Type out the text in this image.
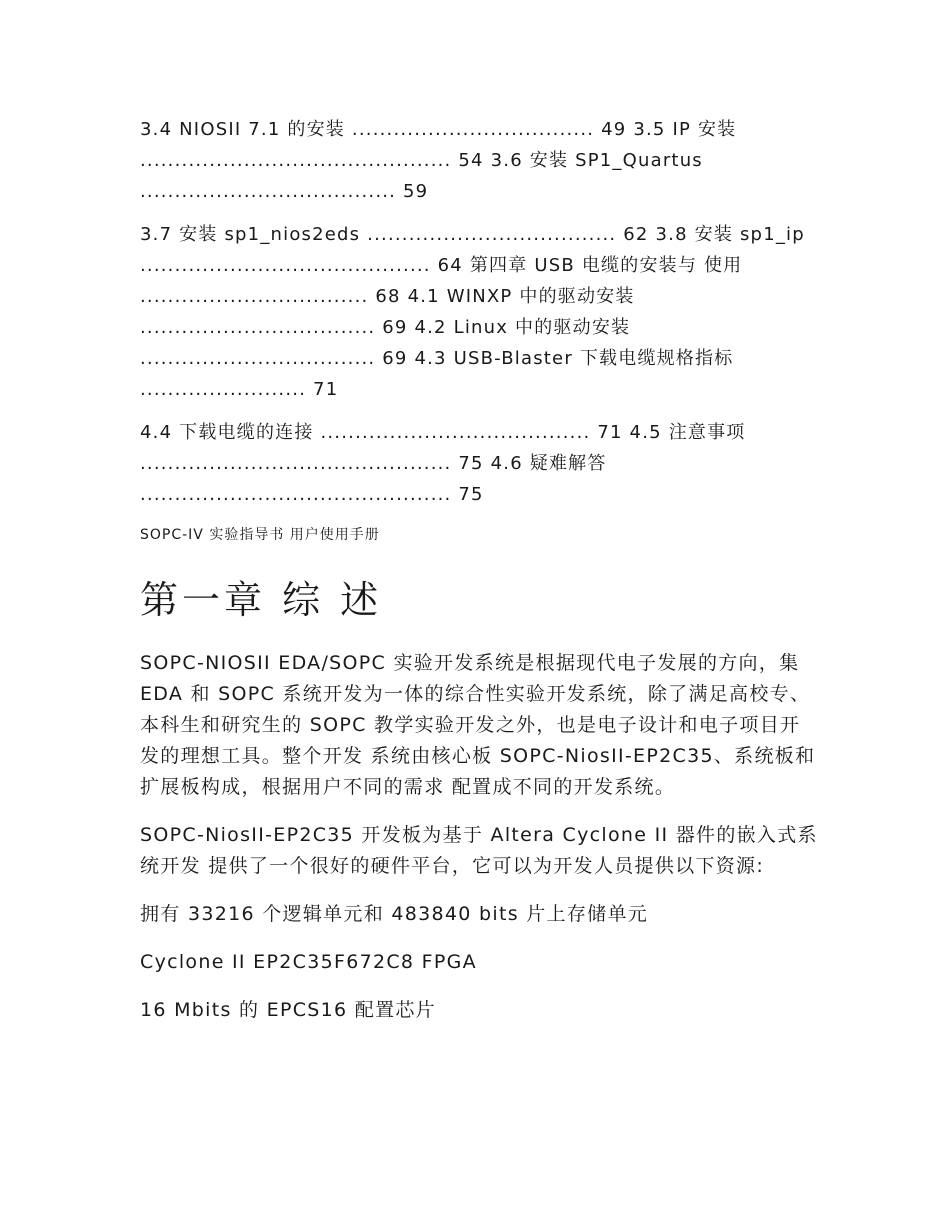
3.4 NIOSII 7.1 的安装 ................................... 49 3.5 IP 安装 ............................................. 54 3.6 安装 SP1_Quartus ..................................... 59
3.7 安装 sp1_nios2eds .................................... 62 3.8 安装 sp1_ip .......................................... 64 第四章 USB 电缆的安装与 使用 ................................. 68 4.1 WINXP 中的驱动安装 .................................. 69 4.2 Linux 中的驱动安装 .................................. 69 4.3 USB-Blaster 下载电缆规格指标 ........................ 71
4.4 下载电缆的连接 ....................................... 71 4.5 注意事项 ............................................. 75 4.6 疑难解答 ............................................. 75
SOPC-IV 实验指导书 用户使用手册
第一章 综 述

SOPC-NIOSII EDA/SOPC 实验开发系统是根据现代电子发展的方向，集 EDA 和 SOPC 系统开发为一体的综合性实验开发系统，除了满足高校专、本科生和研究生的 SOPC 教学实验开发之外，也是电子设计和电子项目开发的理想工具。整个开发 系统由核心板 SOPC-NiosII-EP2C35、系统板和扩展板构成，根据用户不同的需求 配置成不同的开发系统。

SOPC-NiosII-EP2C35 开发板为基于 Altera Cyclone II 器件的嵌入式系统开发 提供了一个很好的硬件平台，它可以为开发人员提供以下资源:

拥有 33216 个逻辑单元和 483840 bits 片上存储单元

Cyclone II EP2C35F672C8 FPGA

16 Mbits 的 EPCS16 配置芯片
